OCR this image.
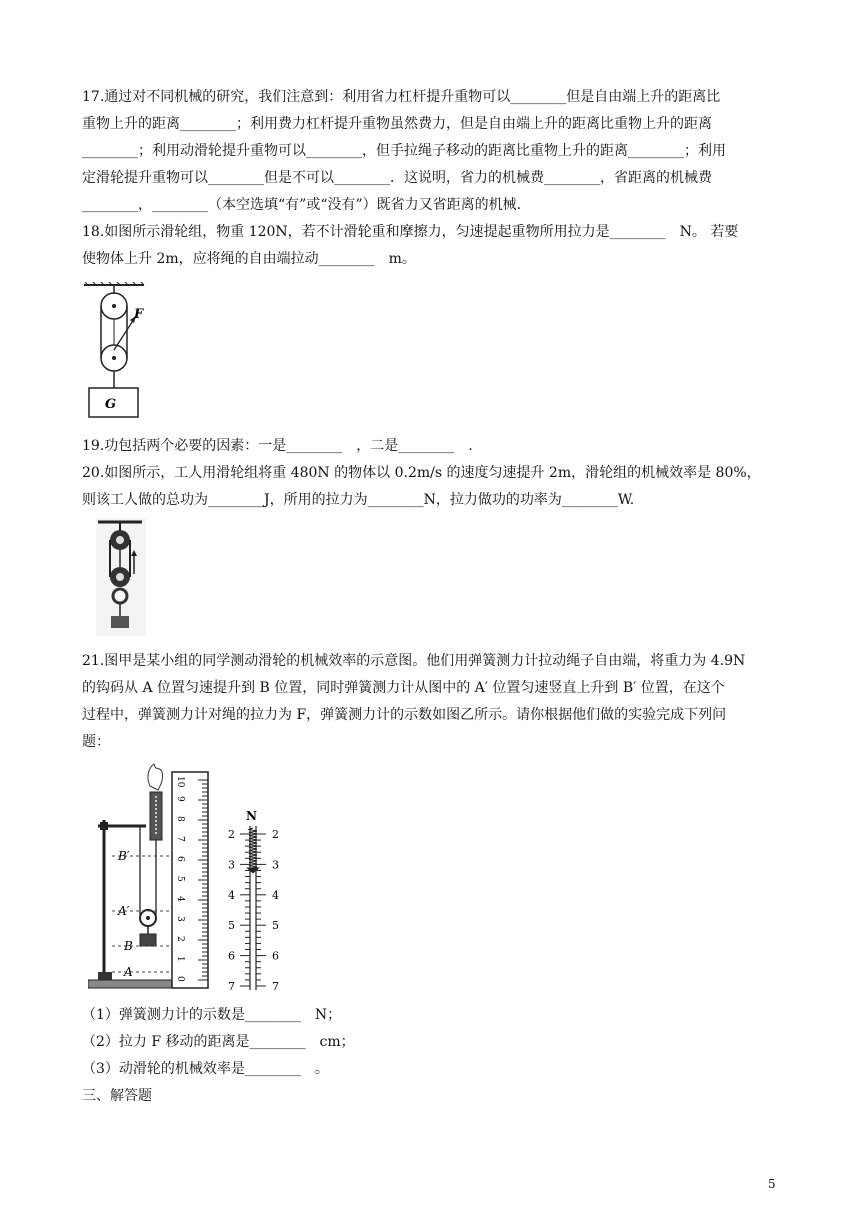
17.通过对不同机械的研究，我们注意到：利用省力杠杆提升重物可以________但是自由端上升的距离比
重物上升的距离________；利用费力杠杆提升重物虽然费力，但是自由端上升的距离比重物上升的距离
________；利用动滑轮提升重物可以________，但手拉绳子移动的距离比重物上升的距离________；利用
定滑轮提升重物可以________但是不可以________．这说明，省力的机械费________，省距离的机械费
________，________（本空选填“有”或“没有”）既省力又省距离的机械.
18.如图所示滑轮组，物重 120N，若不计滑轮重和摩擦力，匀速提起重物所用拉力是________　N。 若要
使物体上升 2m，应将绳的自由端拉动________　m。
F
G
19.功包括两个必要的因素：一是________　，二是________　.
20.如图所示，工人用滑轮组将重 480N 的物体以 0.2m/s 的速度匀速提升 2m，滑轮组的机械效率是 80%，
则该工人做的总功为________J，所用的拉力为________N，拉力做功的功率为________W.
21.图甲是某小组的同学测动滑轮的机械效率的示意图。他们用弹簧测力计拉动绳子自由端，将重力为 4.9N
的钩码从 A 位置匀速提升到 B 位置，同时弹簧测力计从图中的 A′ 位置匀速竖直上升到 B′ 位置，在这个
过程中，弹簧测力计对绳的拉力为 F，弹簧测力计的示数如图乙所示。请你根据他们做的实验完成下列问
题：
B′
A′
B
A	0
1
2
3
4
5
6
7
8
9
10
N
2	2
3	3
4	4
5	5
6	6
7	7
（1）弹簧测力计的示数是________　N；
（2）拉力 F 移动的距离是________　cm；
（3）动滑轮的机械效率是________　。
三、解答题
5
